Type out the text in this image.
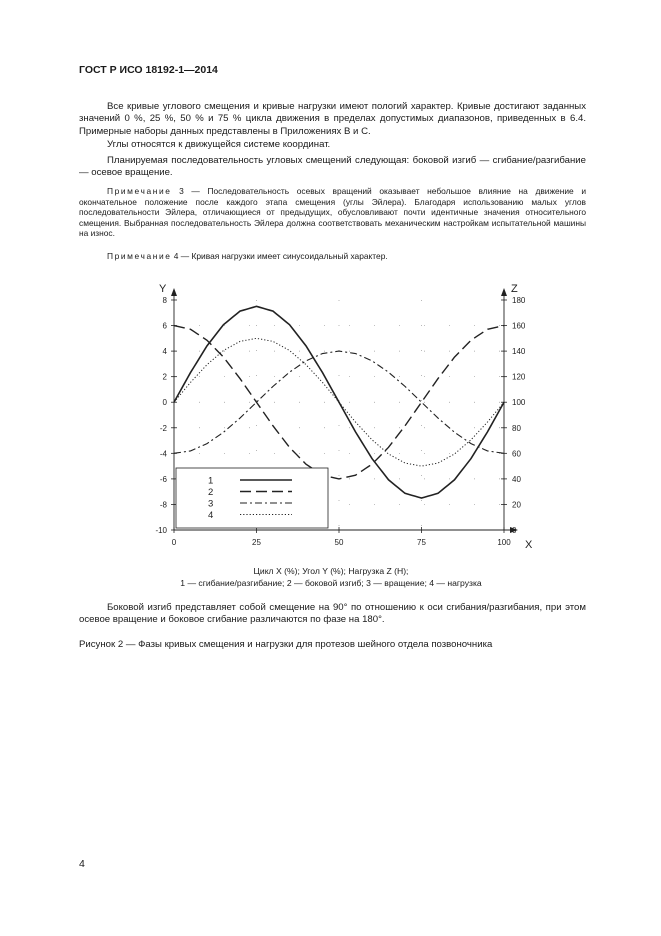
ГОСТ Р ИСО 18192-1—2014

Все кривые углового смещения и кривые нагрузки имеют пологий характер. Кривые достигают заданных значений 0 %, 25 %, 50 % и 75 % цикла движения в пределах допустимых диапазонов, приведенных в 6.4. Примерные наборы данных представлены в Приложениях В и С.

Углы относятся к движущейся системе координат.

Планируемая последовательность угловых смещений следующая: боковой изгиб — сгибание/разгибание — осевое вращение.

Примечание 3 — Последовательность осевых вращений оказывает небольшое влияние на движение и окончательное положение после каждого этапа смещения (углы Эйлера). Благодаря использованию малых углов последовательности Эйлера, отличающиеся от предыдущих, обусловливают почти идентичные значения относительного смещения. Выбранная последовательность Эйлера должна соответствовать механическим настройкам испытательной машины на износ.

Примечание 4 — Кривая нагрузки имеет синусоидальный характер.

8
6
4
2
0
-2
-4
-6
-8
-10
180
160
140
120
100
80
60
40
20
0
0	25	50	75	100
Y	Z
X
1
2
3
4
Цикл X (%); Угол Y (%); Нагрузка Z (Н);
1 — сгибание/разгибание; 2 — боковой изгиб; 3 — вращение; 4 — нагрузка

Боковой изгиб представляет собой смещение на 90° по отношению к оси сгибания/разгибания, при этом осевое вращение и боковое сгибание различаются по фазе на 180°.

Рисунок 2 — Фазы кривых смещения и нагрузки для протезов шейного отдела позвоночника
4
